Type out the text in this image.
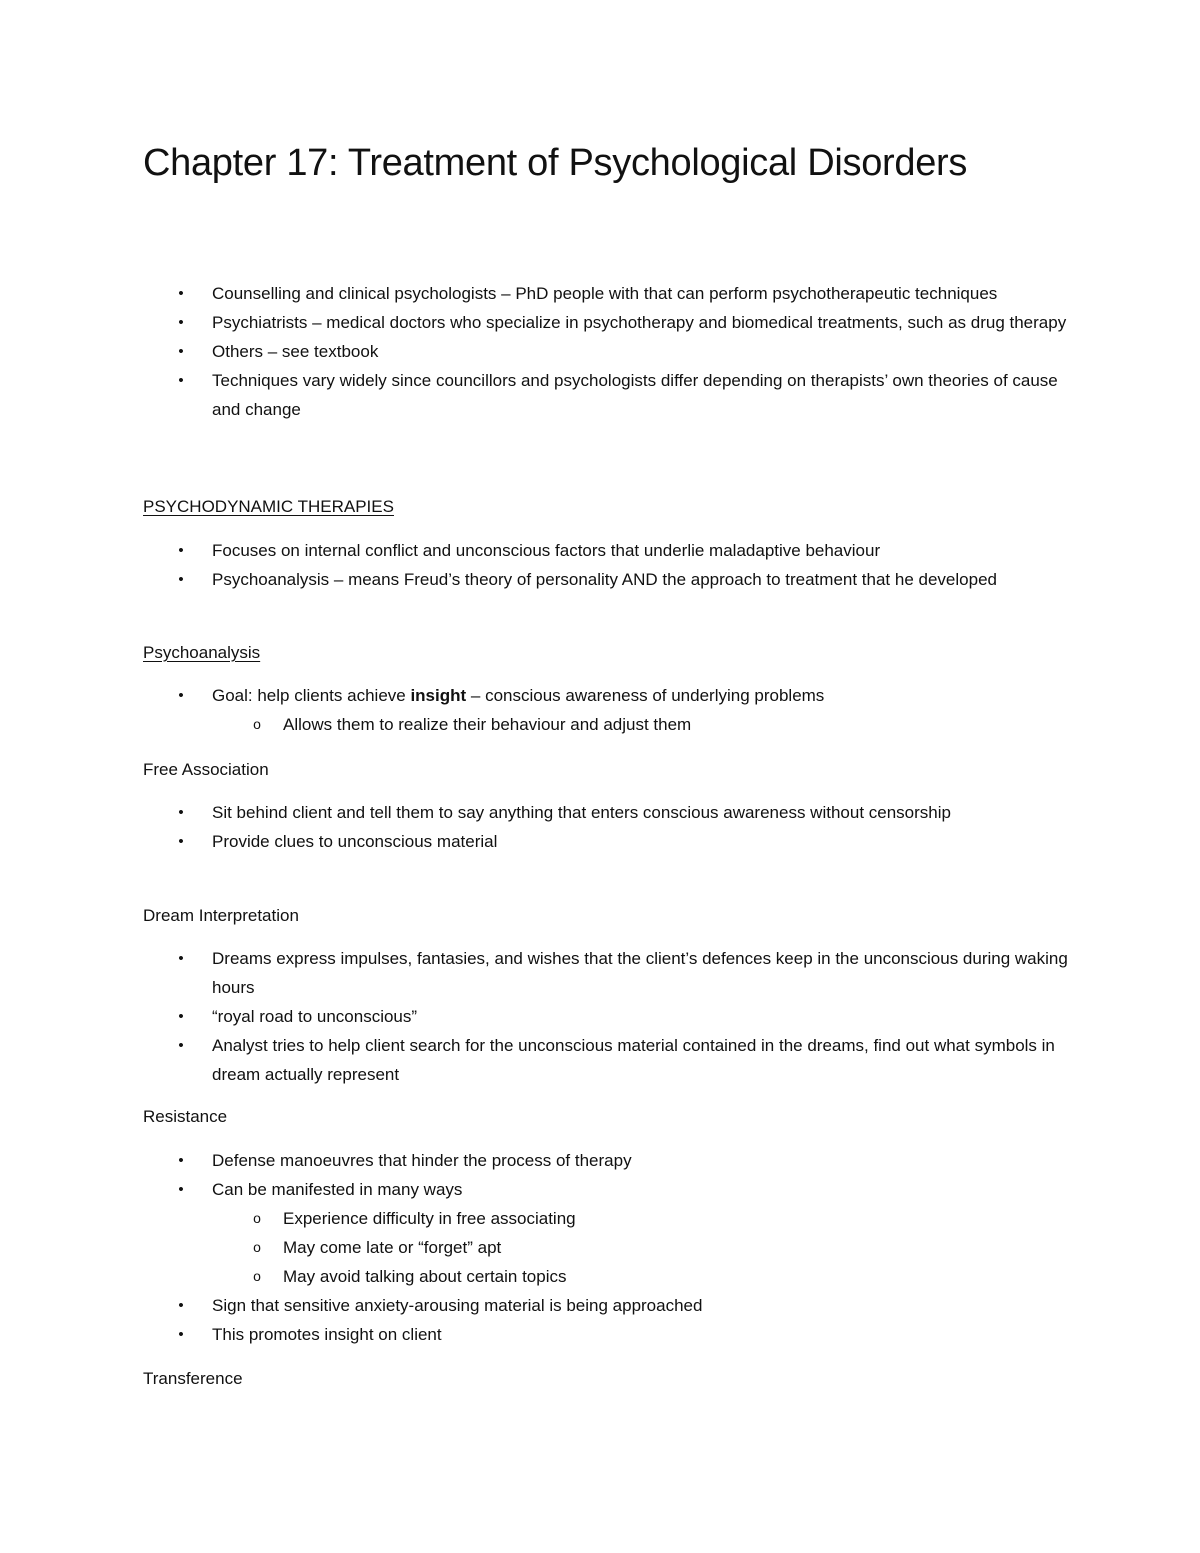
Chapter 17: Treatment of Psychological Disorders
• Counselling and clinical psychologists – PhD people with that can perform psychotherapeutic techniques
• Psychiatrists – medical doctors who specialize in psychotherapy and biomedical treatments, such as drug therapy
• Others – see textbook
• Techniques vary widely since councillors and psychologists differ depending on therapists’ own theories of cause and change
PSYCHODYNAMIC THERAPIES
• Focuses on internal conflict and unconscious factors that underlie maladaptive behaviour
• Psychoanalysis – means Freud’s theory of personality AND the approach to treatment that he developed
Psychoanalysis
• Goal: help clients achieve insight – conscious awareness of underlying problems
o Allows them to realize their behaviour and adjust them
Free Association
• Sit behind client and tell them to say anything that enters conscious awareness without censorship
• Provide clues to unconscious material
Dream Interpretation
• Dreams express impulses, fantasies, and wishes that the client’s defences keep in the unconscious during waking hours
• “royal road to unconscious”
• Analyst tries to help client search for the unconscious material contained in the dreams, find out what symbols in dream actually represent
Resistance
• Defense manoeuvres that hinder the process of therapy
• Can be manifested in many ways
o Experience difficulty in free associating
o May come late or “forget” apt
o May avoid talking about certain topics
• Sign that sensitive anxiety-arousing material is being approached
• This promotes insight on client
Transference
